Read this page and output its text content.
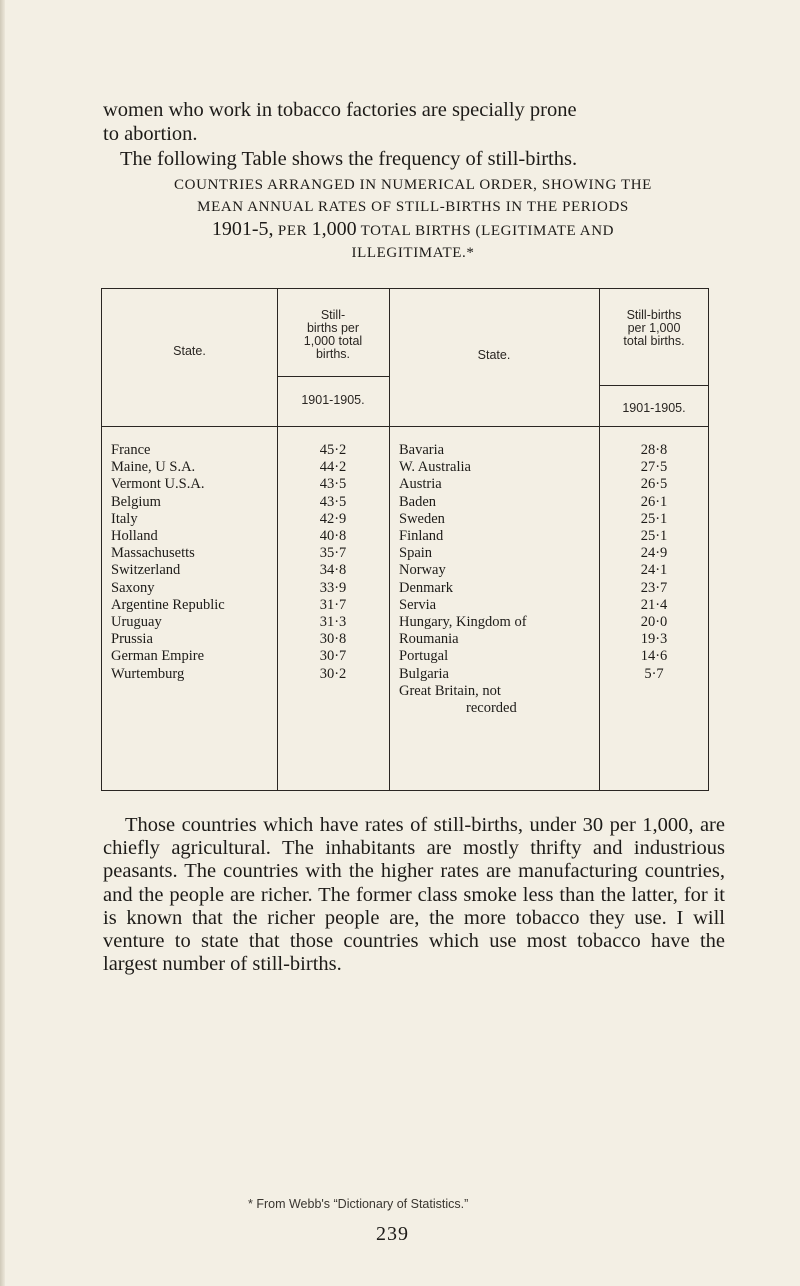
women who work in tobacco factories are specially prone

to abortion.

The following Table shows the frequency of still-births.

COUNTRIES ARRANGED IN NUMERICAL ORDER, SHOWING THE
MEAN ANNUAL RATES OF STILL-BIRTHS IN THE PERIODS
1901-5, PER 1,000 TOTAL BIRTHS (LEGITIMATE AND
ILLEGITIMATE.*
State.
Still-
births per
1,000 total
births.
1901-1905.
State.
Still-births
per 1,000
total births.
1901-1905.
France
Maine, U S.A.
Vermont U.S.A.
Belgium
Italy
Holland
Massachusetts
Switzerland
Saxony
Argentine Republic
Uruguay
Prussia
German Empire
Wurtemburg
45·2
44·2
43·5
43·5
42·9
40·8
35·7
34·8
33·9
31·7
31·3
30·8
30·7
30·2
Bavaria
W. Australia
Austria
Baden
Sweden
Finland
Spain
Norway
Denmark
Servia
Hungary, Kingdom of
Roumania
Portugal
Bulgaria
Great Britain, not
recorded
28·8
27·5
26·5
26·1
25·1
25·1
24·9
24·1
23·7
21·4
20·0
19·3
14·6
5·7

Those countries which have rates of still-births, under 30 per 1,000, are chiefly agricultural. The inhabitants are mostly thrifty and industrious peasants. The countries with the higher rates are manufacturing countries, and the people are richer. The former class smoke less than the latter, for it is known that the richer people are, the more tobacco they use. I will venture to state that those countries which use most tobacco have the largest number of still-births.

* From Webb's “Dictionary of Statistics.”
239
